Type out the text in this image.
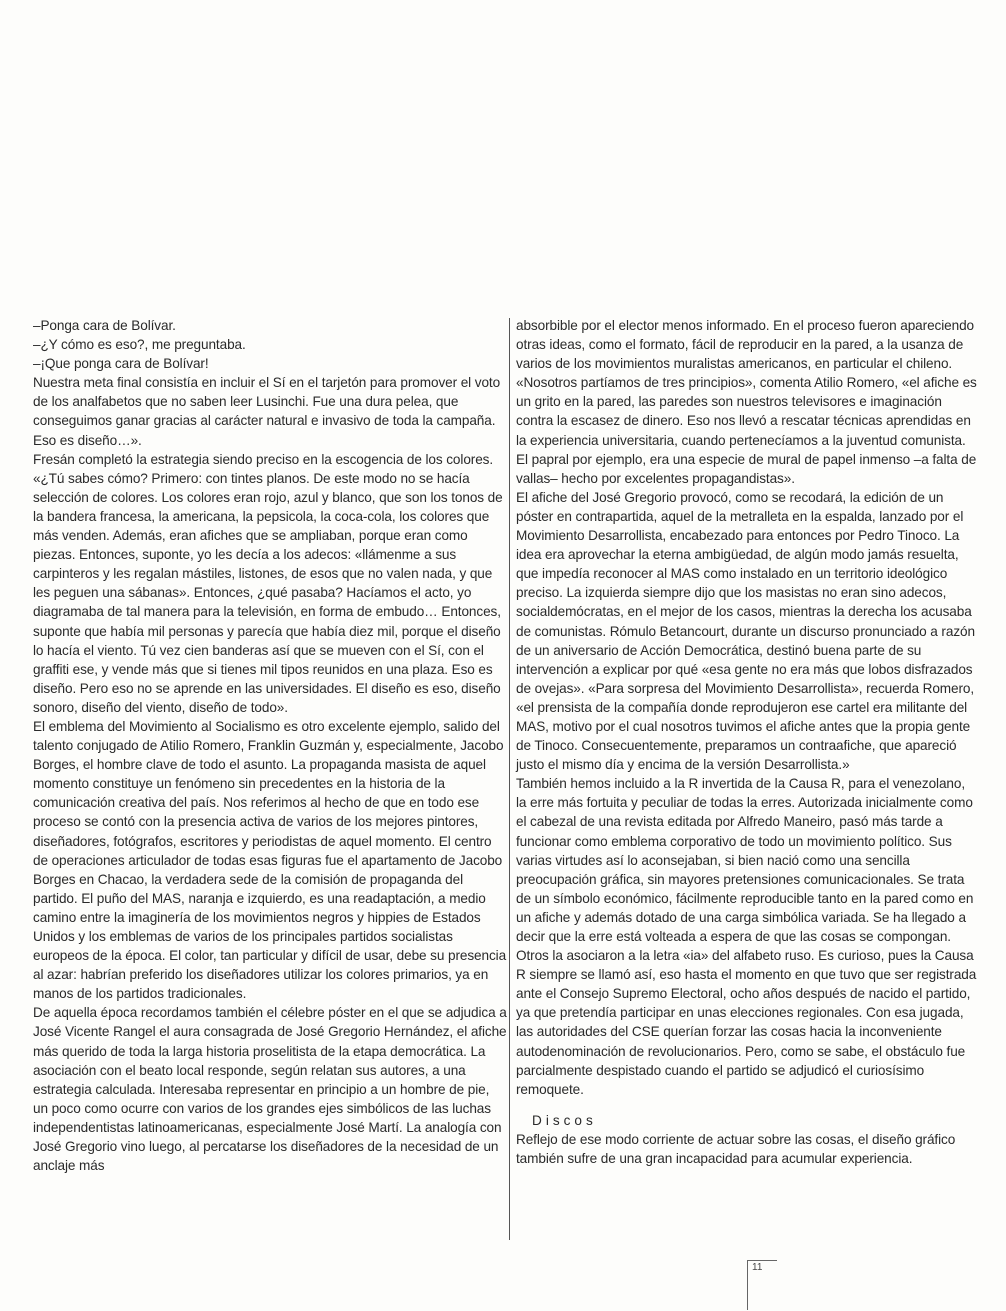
–Ponga cara de Bolívar.

–¿Y cómo es eso?, me preguntaba.

–¡Que ponga cara de Bolívar!

Nuestra meta final consistía en incluir el Sí en el tarjetón para promover el voto de los analfabetos que no saben leer Lusinchi. Fue una dura pelea, que conseguimos ganar gracias al carácter natural e invasivo de toda la campaña. Eso es diseño…».

Fresán completó la estrategia siendo preciso en la escogencia de los colores. «¿Tú sabes cómo? Primero: con tintes planos. De este modo no se hacía selección de colores. Los colores eran rojo, azul y blanco, que son los tonos de la bandera francesa, la americana, la pepsicola, la coca-cola, los colores que más venden. Además, eran afiches que se ampliaban, porque eran como piezas. Entonces, suponte, yo les decía a los adecos: «llámenme a sus carpinteros y les regalan mástiles, listones, de esos que no valen nada, y que les peguen una sábanas». Entonces, ¿qué pasaba? Hacíamos el acto, yo diagramaba de tal manera para la televisión, en forma de embudo… Entonces, suponte que había mil personas y parecía que había diez mil, porque el diseño lo hacía el viento. Tú vez cien banderas así que se mueven con el Sí, con el graffiti ese, y vende más que si tienes mil tipos reunidos en una plaza. Eso es diseño. Pero eso no se aprende en las universidades. El diseño es eso, diseño sonoro, diseño del viento, diseño de todo».

El emblema del Movimiento al Socialismo es otro excelente ejemplo, salido del talento conjugado de Atilio Romero, Franklin Guzmán y, especialmente, Jacobo Borges, el hombre clave de todo el asunto. La propaganda masista de aquel momento constituye un fenómeno sin precedentes en la historia de la comunicación creativa del país. Nos referimos al hecho de que en todo ese proceso se contó con la presencia activa de varios de los mejores pintores, diseñadores, fotógrafos, escritores y periodistas de aquel momento. El centro de operaciones articulador de todas esas figuras fue el apartamento de Jacobo Borges en Chacao, la verdadera sede de la comisión de propaganda del partido. El puño del MAS, naranja e izquierdo, es una readaptación, a medio camino entre la imaginería de los movimientos negros y hippies de Estados Unidos y los emblemas de varios de los principales partidos socialistas europeos de la época. El color, tan particular y difícil de usar, debe su presencia al azar: habrían preferido los diseñadores utilizar los colores primarios, ya en manos de los partidos tradicionales.

De aquella época recordamos también el célebre póster en el que se adjudica a José Vicente Rangel el aura consagrada de José Gregorio Hernández, el afiche más querido de toda la larga historia proselitista de la etapa democrática. La asociación con el beato local responde, según relatan sus autores, a una estrategia calculada. Interesaba representar en principio a un hombre de pie, un poco como ocurre con varios de los grandes ejes simbólicos de las luchas independentistas latinoamericanas, especialmente José Martí. La analogía con José Gregorio vino luego, al percatarse los diseñadores de la necesidad de un anclaje más

absorbible por el elector menos informado. En el proceso fueron apareciendo otras ideas, como el formato, fácil de reproducir en la pared, a la usanza de varios de los movimientos muralistas americanos, en particular el chileno. «Nosotros partíamos de tres principios», comenta Atilio Romero, «el afiche es un grito en la pared, las paredes son nuestros televisores e imaginación contra la escasez de dinero. Eso nos llevó a rescatar técnicas aprendidas en la experiencia universitaria, cuando pertenecíamos a la juventud comunista. El papral por ejemplo, era una especie de mural de papel inmenso –a falta de vallas– hecho por excelentes propagandistas».

El afiche del José Gregorio provocó, como se recodará, la edición de un póster en contrapartida, aquel de la metralleta en la espalda, lanzado por el Movimiento Desarrollista, encabezado para entonces por Pedro Tinoco. La idea era aprovechar la eterna ambigüedad, de algún modo jamás resuelta, que impedía reconocer al MAS como instalado en un territorio ideológico preciso. La izquierda siempre dijo que los masistas no eran sino adecos, socialdemócratas, en el mejor de los casos, mientras la derecha los acusaba de comunistas. Rómulo Betancourt, durante un discurso pronunciado a razón de un aniversario de Acción Democrática, destinó buena parte de su intervención a explicar por qué «esa gente no era más que lobos disfrazados de ovejas». «Para sorpresa del Movimiento Desarrollista», recuerda Romero, «el prensista de la compañía donde reprodujeron ese cartel era militante del MAS, motivo por el cual nosotros tuvimos el afiche antes que la propia gente de Tinoco. Consecuentemente, preparamos un contraafiche, que apareció justo el mismo día y encima de la versión Desarrollista.»

También hemos incluido a la R invertida de la Causa R, para el venezolano, la erre más fortuita y peculiar de todas la erres. Autorizada inicialmente como el cabezal de una revista editada por Alfredo Maneiro, pasó más tarde a funcionar como emblema corporativo de todo un movimiento político. Sus varias virtudes así lo aconsejaban, si bien nació como una sencilla preocupación gráfica, sin mayores pretensiones comunicacionales. Se trata de un símbolo económico, fácilmente reproducible tanto en la pared como en un afiche y además dotado de una carga simbólica variada. Se ha llegado a decir que la erre está volteada a espera de que las cosas se compongan. Otros la asociaron a la letra «ia» del alfabeto ruso. Es curioso, pues la Causa R siempre se llamó así, eso hasta el momento en que tuvo que ser registrada ante el Consejo Supremo Electoral, ocho años después de nacido el partido, ya que pretendía participar en unas elecciones regionales. Con esa jugada, las autoridades del CSE querían forzar las cosas hacia la inconveniente autodenominación de revolucionarios. Pero, como se sabe, el obstáculo fue parcialmente despistado cuando el partido se adjudicó el curiosísimo remoquete.

Discos

Reflejo de ese modo corriente de actuar sobre las cosas, el diseño gráfico también sufre de una gran incapacidad para acumular experiencia.

11
